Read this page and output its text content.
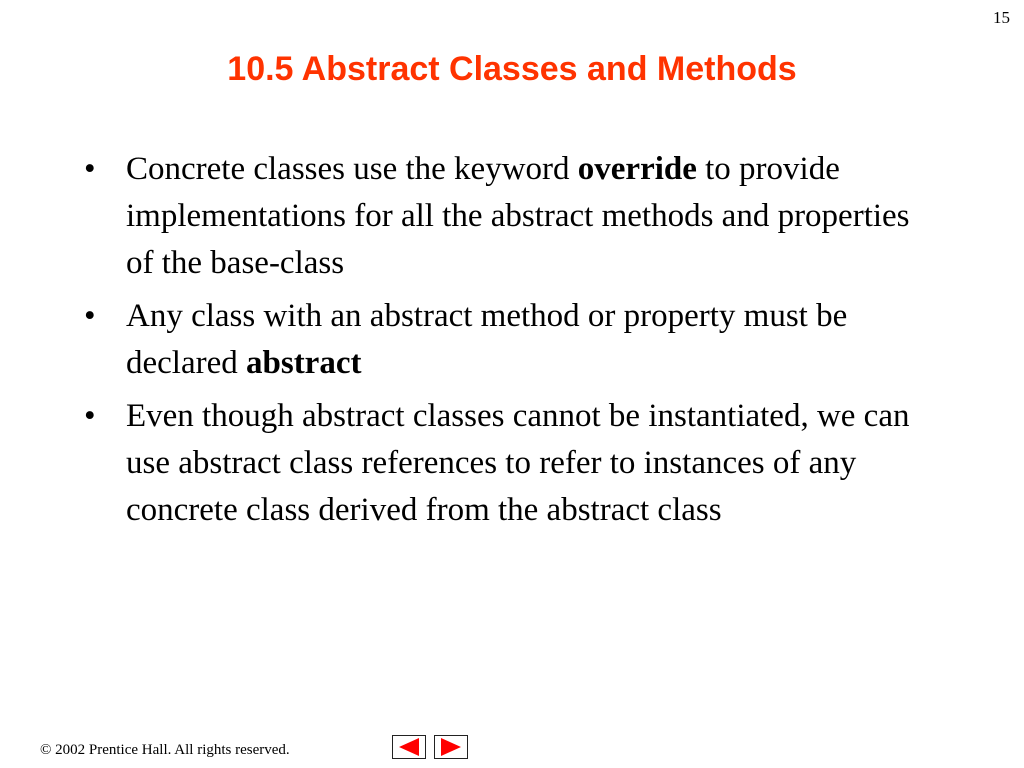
15
10.5 Abstract Classes and Methods
• Concrete classes use the keyword override to provide implementations for all the abstract methods and properties of the base-class
• Any class with an abstract method or property must be declared abstract
• Even though abstract classes cannot be instantiated, we can use abstract class references to refer to instances of any concrete class derived from the abstract class
© 2002 Prentice Hall. All rights reserved.
